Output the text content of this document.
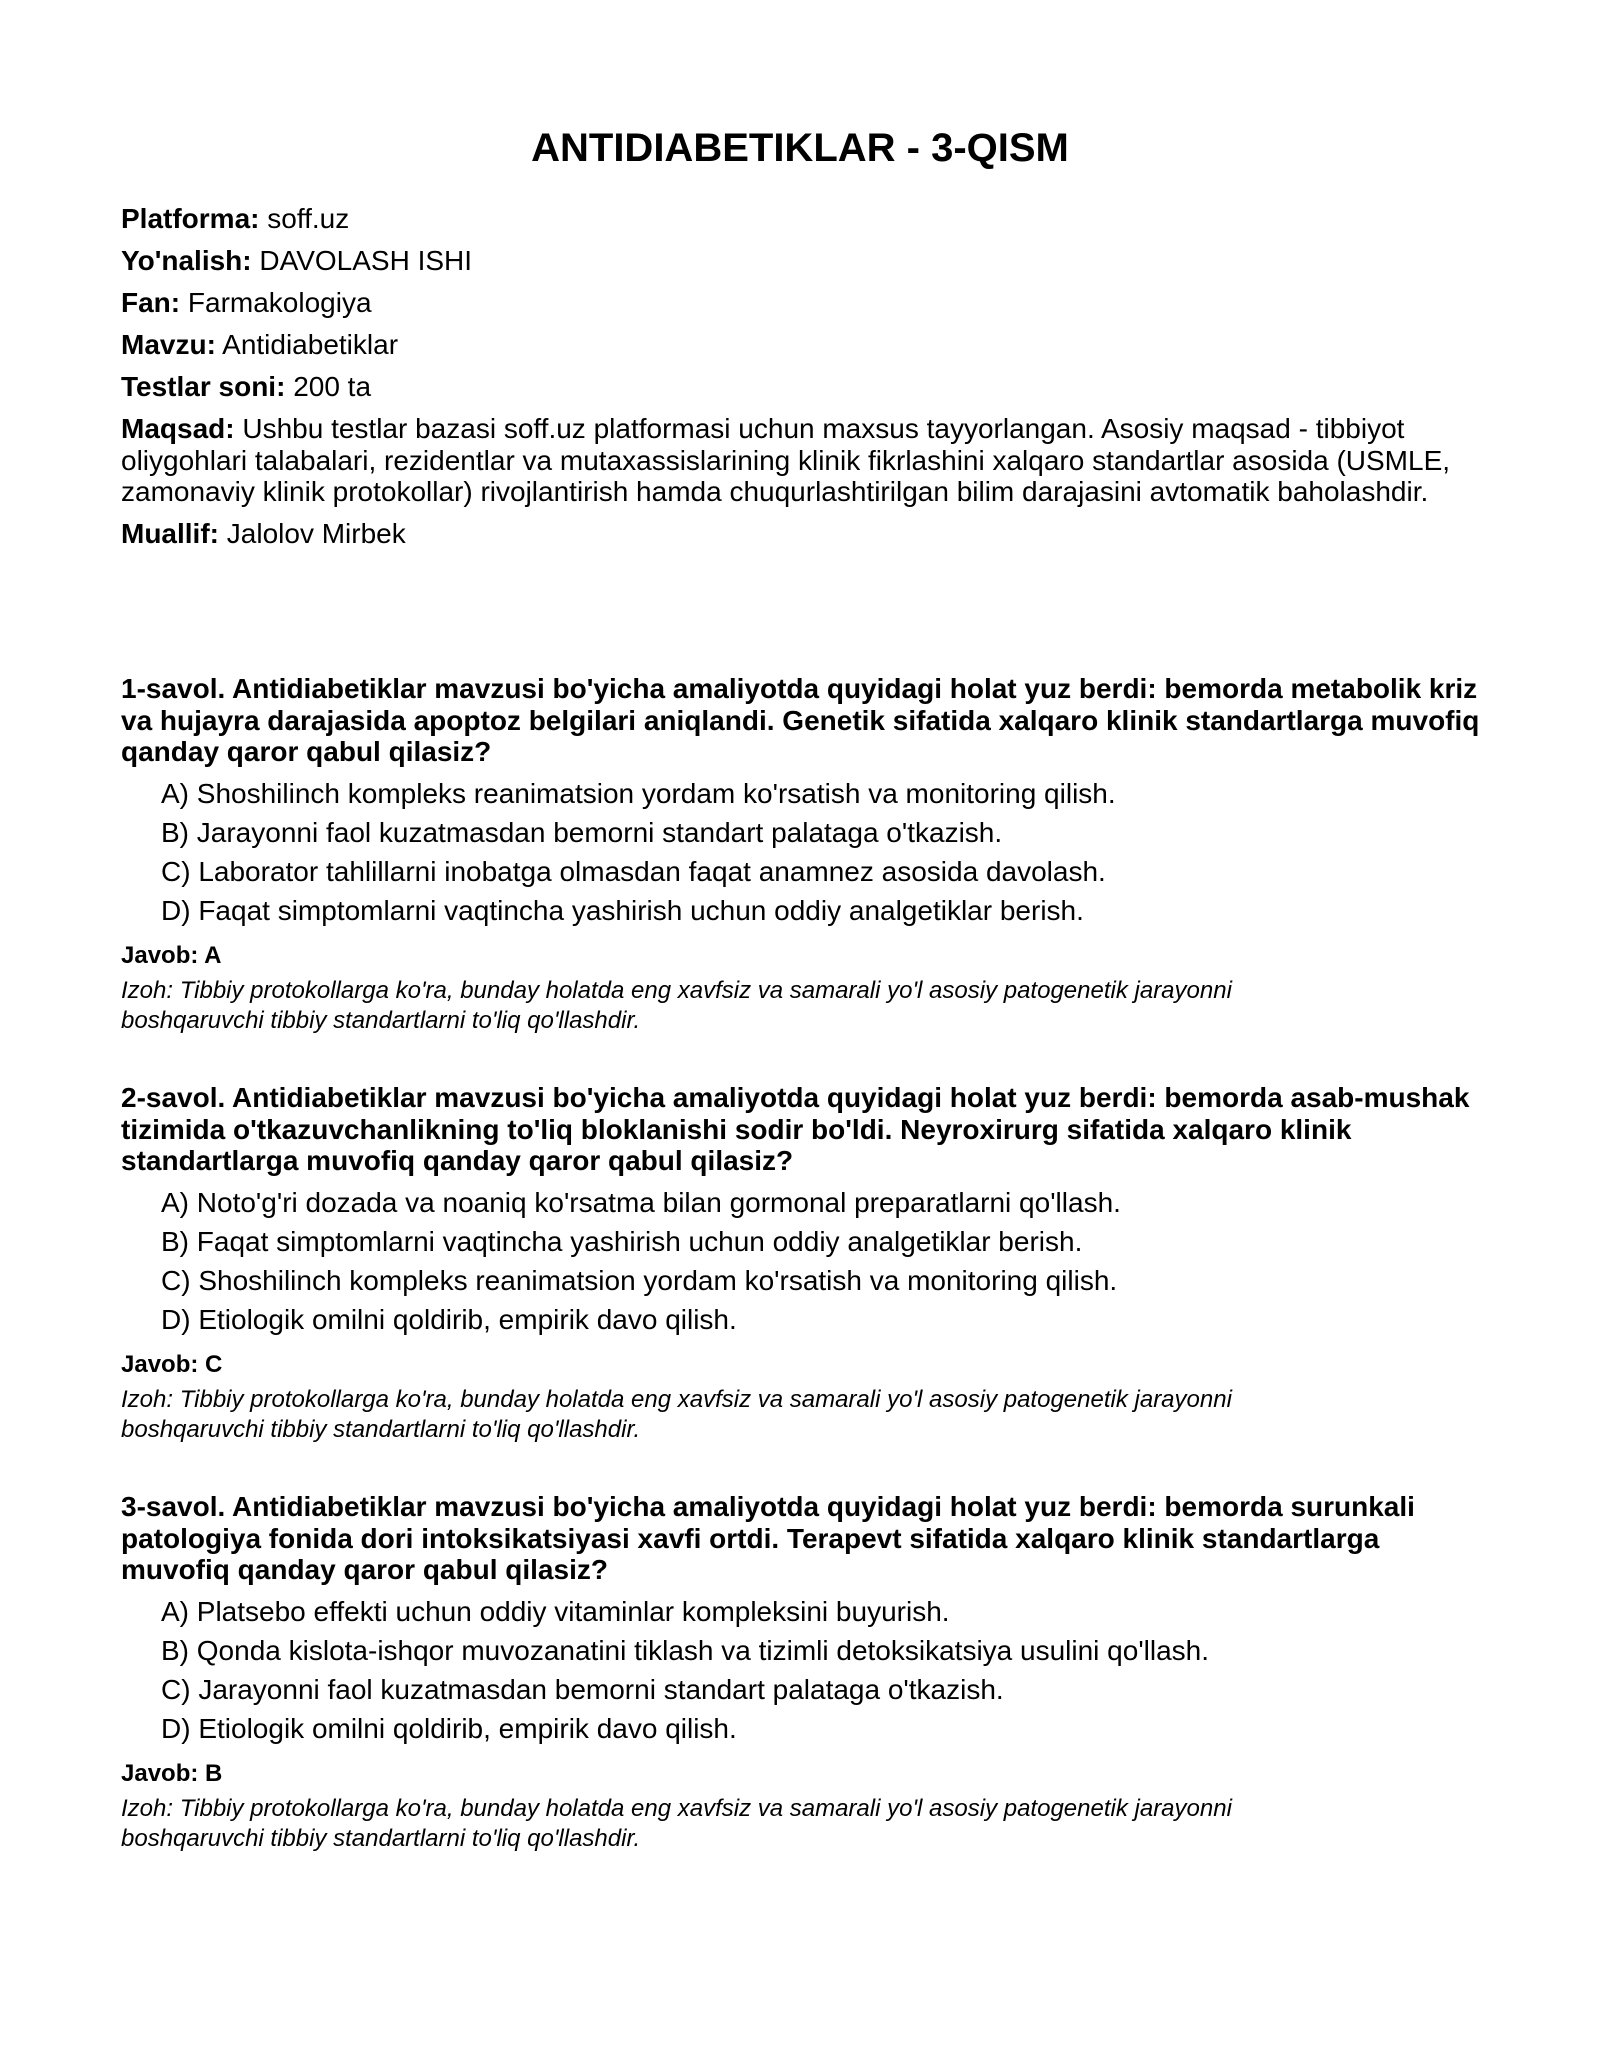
ANTIDIABETIKLAR - 3-QISM
Platforma: soff.uz
Yo'nalish: DAVOLASH ISHI
Fan: Farmakologiya
Mavzu: Antidiabetiklar
Testlar soni: 200 ta
Maqsad: Ushbu testlar bazasi soff.uz platformasi uchun maxsus tayyorlangan. Asosiy maqsad - tibbiyot oliygohlari talabalari, rezidentlar va mutaxassislarining klinik fikrlashini xalqaro standartlar asosida (USMLE, zamonaviy klinik protokollar) rivojlantirish hamda chuqurlashtirilgan bilim darajasini avtomatik baholashdir.
Muallif: Jalolov Mirbek
1-savol. Antidiabetiklar mavzusi bo'yicha amaliyotda quyidagi holat yuz berdi: bemorda metabolik kriz va hujayra darajasida apoptoz belgilari aniqlandi. Genetik sifatida xalqaro klinik standartlarga muvofiq qanday qaror qabul qilasiz?
A) Shoshilinch kompleks reanimatsion yordam ko'rsatish va monitoring qilish.
B) Jarayonni faol kuzatmasdan bemorni standart palataga o'tkazish.
C) Laborator tahlillarni inobatga olmasdan faqat anamnez asosida davolash.
D) Faqat simptomlarni vaqtincha yashirish uchun oddiy analgetiklar berish.
Javob: A
Izoh: Tibbiy protokollarga ko'ra, bunday holatda eng xavfsiz va samarali yo'l asosiy patogenetik jarayonni boshqaruvchi tibbiy standartlarni to'liq qo'llashdir.
2-savol. Antidiabetiklar mavzusi bo'yicha amaliyotda quyidagi holat yuz berdi: bemorda asab-mushak tizimida o'tkazuvchanlikning to'liq bloklanishi sodir bo'ldi. Neyroxirurg sifatida xalqaro klinik standartlarga muvofiq qanday qaror qabul qilasiz?
A) Noto'g'ri dozada va noaniq ko'rsatma bilan gormonal preparatlarni qo'llash.
B) Faqat simptomlarni vaqtincha yashirish uchun oddiy analgetiklar berish.
C) Shoshilinch kompleks reanimatsion yordam ko'rsatish va monitoring qilish.
D) Etiologik omilni qoldirib, empirik davo qilish.
Javob: C
Izoh: Tibbiy protokollarga ko'ra, bunday holatda eng xavfsiz va samarali yo'l asosiy patogenetik jarayonni boshqaruvchi tibbiy standartlarni to'liq qo'llashdir.
3-savol. Antidiabetiklar mavzusi bo'yicha amaliyotda quyidagi holat yuz berdi: bemorda surunkali patologiya fonida dori intoksikatsiyasi xavfi ortdi. Terapevt sifatida xalqaro klinik standartlarga muvofiq qanday qaror qabul qilasiz?
A) Platsebo effekti uchun oddiy vitaminlar kompleksini buyurish.
B) Qonda kislota-ishqor muvozanatini tiklash va tizimli detoksikatsiya usulini qo'llash.
C) Jarayonni faol kuzatmasdan bemorni standart palataga o'tkazish.
D) Etiologik omilni qoldirib, empirik davo qilish.
Javob: B
Izoh: Tibbiy protokollarga ko'ra, bunday holatda eng xavfsiz va samarali yo'l asosiy patogenetik jarayonni boshqaruvchi tibbiy standartlarni to'liq qo'llashdir.
